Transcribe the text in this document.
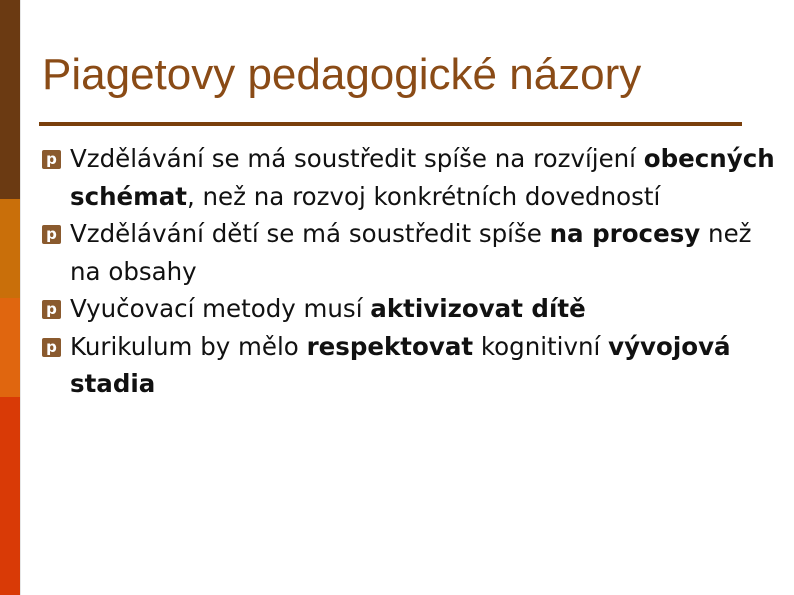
Piagetovy pedagogické názory
p Vzdělávání se má soustředit spíše na rozvíjení obecných schémat, než na rozvoj konkrétních dovedností
p Vzdělávání dětí se má soustředit spíše na procesy než na obsahy
p Vyučovací metody musí aktivizovat dítě
p Kurikulum by mělo respektovat kognitivní vývojová stadia
